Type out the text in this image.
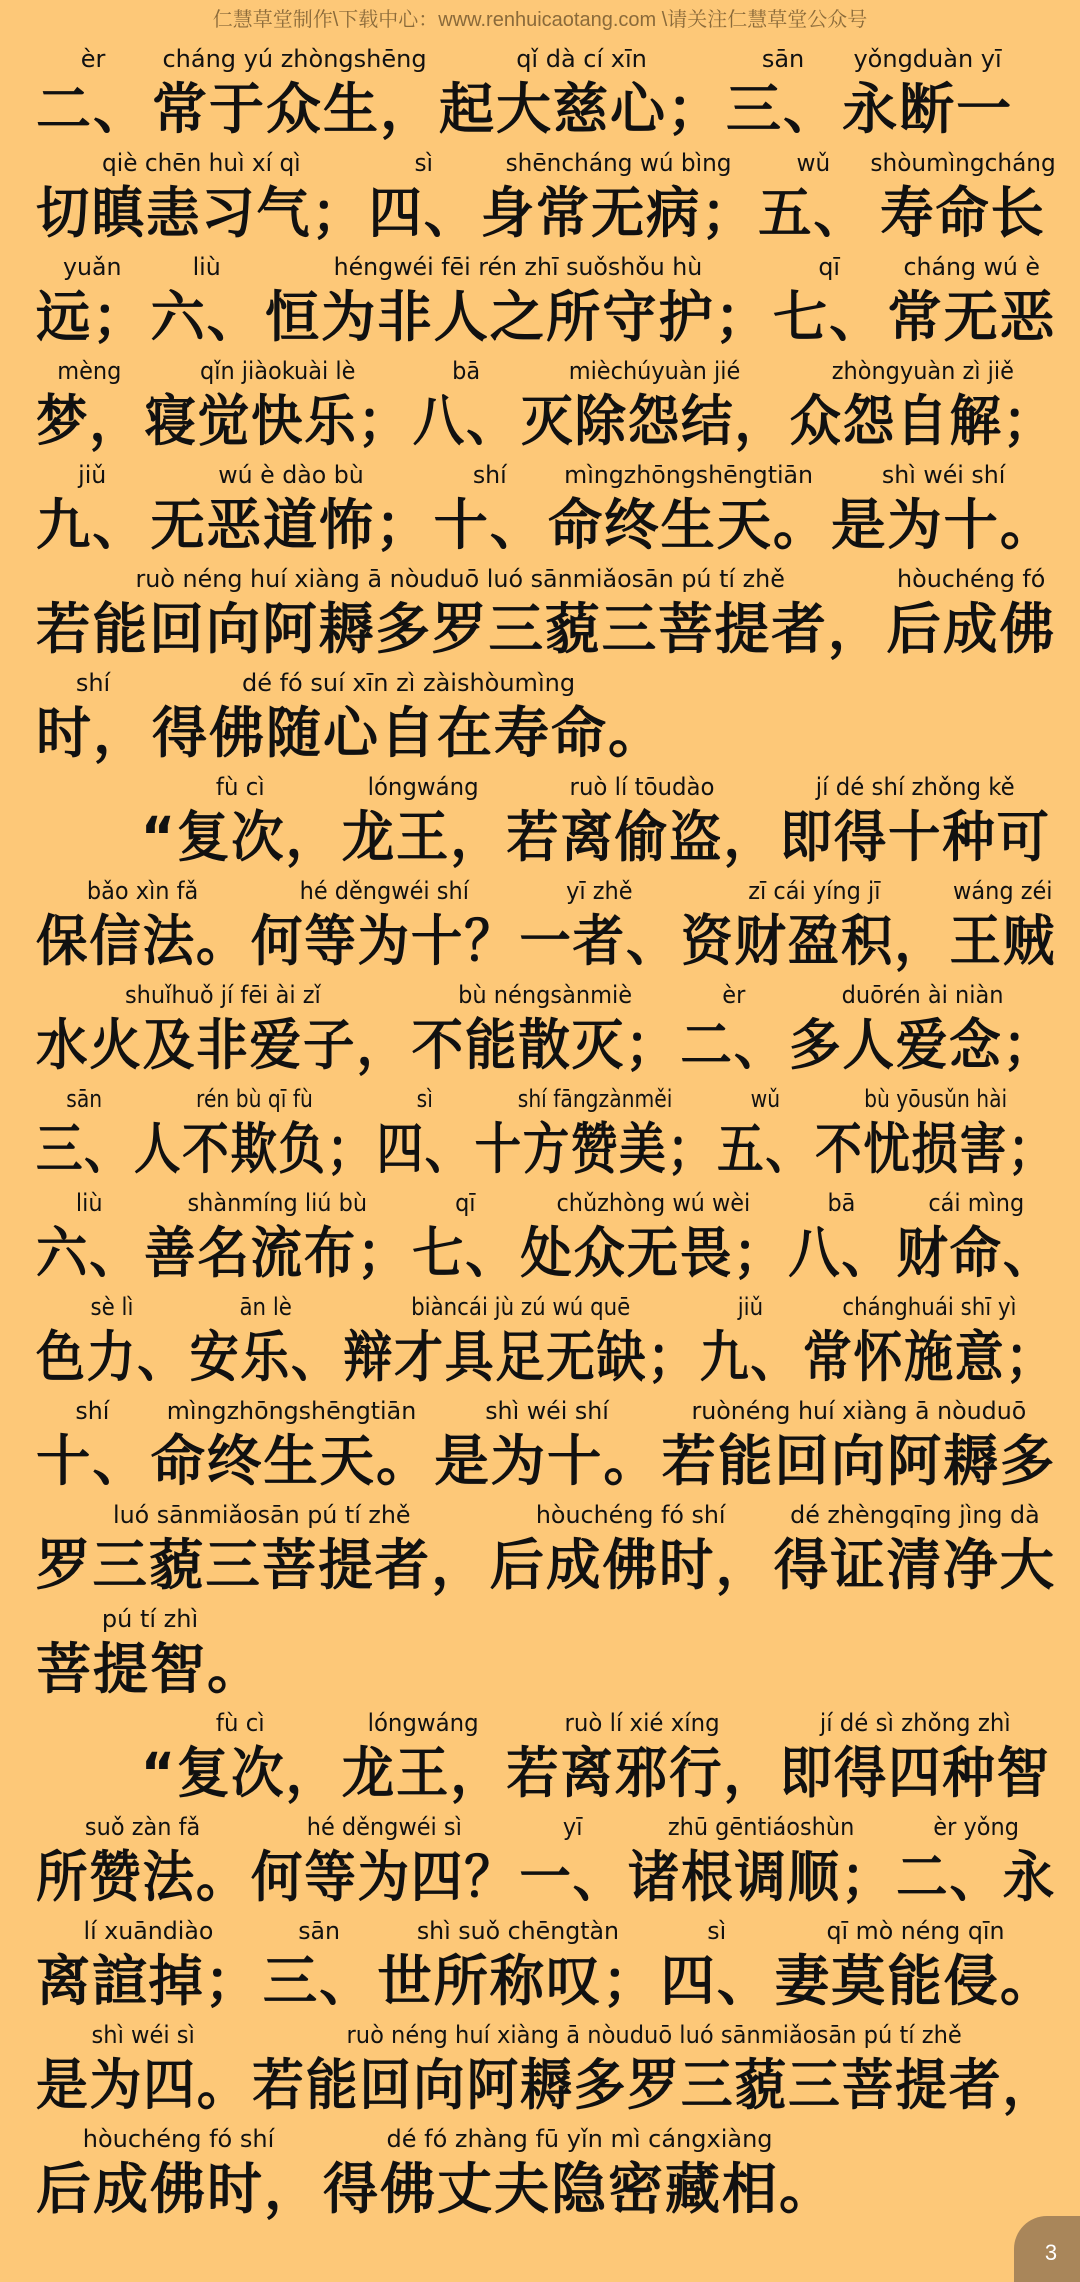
仁慧草堂制作\下载中心：www.renhuicaotang.com \请关注仁慧草堂公众号
èr
二、
cháng yú zhòngshēng
常于众生，
qǐ dà cí xīn
起大慈心；
sān
三、
yǒngduàn yī
永断一
qiè chēn huì xí qì
切瞋恚习气；
sì
四、
shēncháng wú bìng
身常无病；
wǔ
五、
shòumìngcháng
寿命长
yuǎn
远；
liù
六、
héngwéi fēi rén zhī suǒshǒu hù
恒为非人之所守护；
qī
七、
cháng wú è
常无恶
mèng
梦，
qǐn jiàokuài lè
寝觉快乐；
bā
八、
mièchúyuàn jié
灭除怨结，
zhòngyuàn zì jiě
众怨自解；
jiǔ
九、
wú è dào bù
无恶道怖；
shí
十、
mìngzhōngshēngtiān
命终生天。
shì wéi shí
是为十。
ruò néng huí xiàng ā nòuduō luó sānmiǎosān pú tí zhě
若能回向阿耨多罗三藐三菩提者，
hòuchéng fó
后成佛
shí
时，
dé fó suí xīn zì zàishòumìng
得佛随心自在寿命。
fù cì
“复次，
lóngwáng
龙王，
ruò lí tōudào
若离偷盗，
jí dé shí zhǒng kě
即得十种可
bǎo xìn fǎ
保信法。
hé děngwéi shí
何等为十？
yī zhě
一者、
zī cái yíng jī
资财盈积，
wáng zéi
王贼
shuǐhuǒ jí fēi ài zǐ
水火及非爱子，
bù néngsànmiè
不能散灭；
èr
二、
duōrén ài niàn
多人爱念；
sān
三、
rén bù qī fù
人不欺负；
sì
四、
shí fāngzànměi
十方赞美；
wǔ
五、
bù yōusǔn hài
不忧损害；
liù
六、
shànmíng liú bù
善名流布；
qī
七、
chǔzhòng wú wèi
处众无畏；
bā
八、
cái mìng
财命、
sè lì
色力、
ān lè
安乐、
biàncái jù zú wú quē
辩才具足无缺；
jiǔ
九、
chánghuái shī yì
常怀施意；
shí
十、
mìngzhōngshēngtiān
命终生天。
shì wéi shí
是为十。
ruònéng huí xiàng ā nòuduō
若能回向阿耨多
luó sānmiǎosān pú tí zhě
罗三藐三菩提者，
hòuchéng fó shí
后成佛时，
dé zhèngqīng jìng dà
得证清净大
pú tí zhì
菩提智。
fù cì
“复次，
lóngwáng
龙王，
ruò lí xié xíng
若离邪行，
jí dé sì zhǒng zhì
即得四种智
suǒ zàn fǎ
所赞法。
hé děngwéi sì
何等为四？
yī
一、
zhū gēntiáoshùn
诸根调顺；
èr yǒng
二、永
lí xuāndiào
离諠掉；
sān
三、
shì suǒ chēngtàn
世所称叹；
sì
四、
qī mò néng qīn
妻莫能侵。
shì wéi sì
是为四。
ruò néng huí xiàng ā nòuduō luó sānmiǎosān pú tí zhě
若能回向阿耨多罗三藐三菩提者，
hòuchéng fó shí
后成佛时，
dé fó zhàng fū yǐn mì cángxiàng
得佛丈夫隐密藏相。
3
